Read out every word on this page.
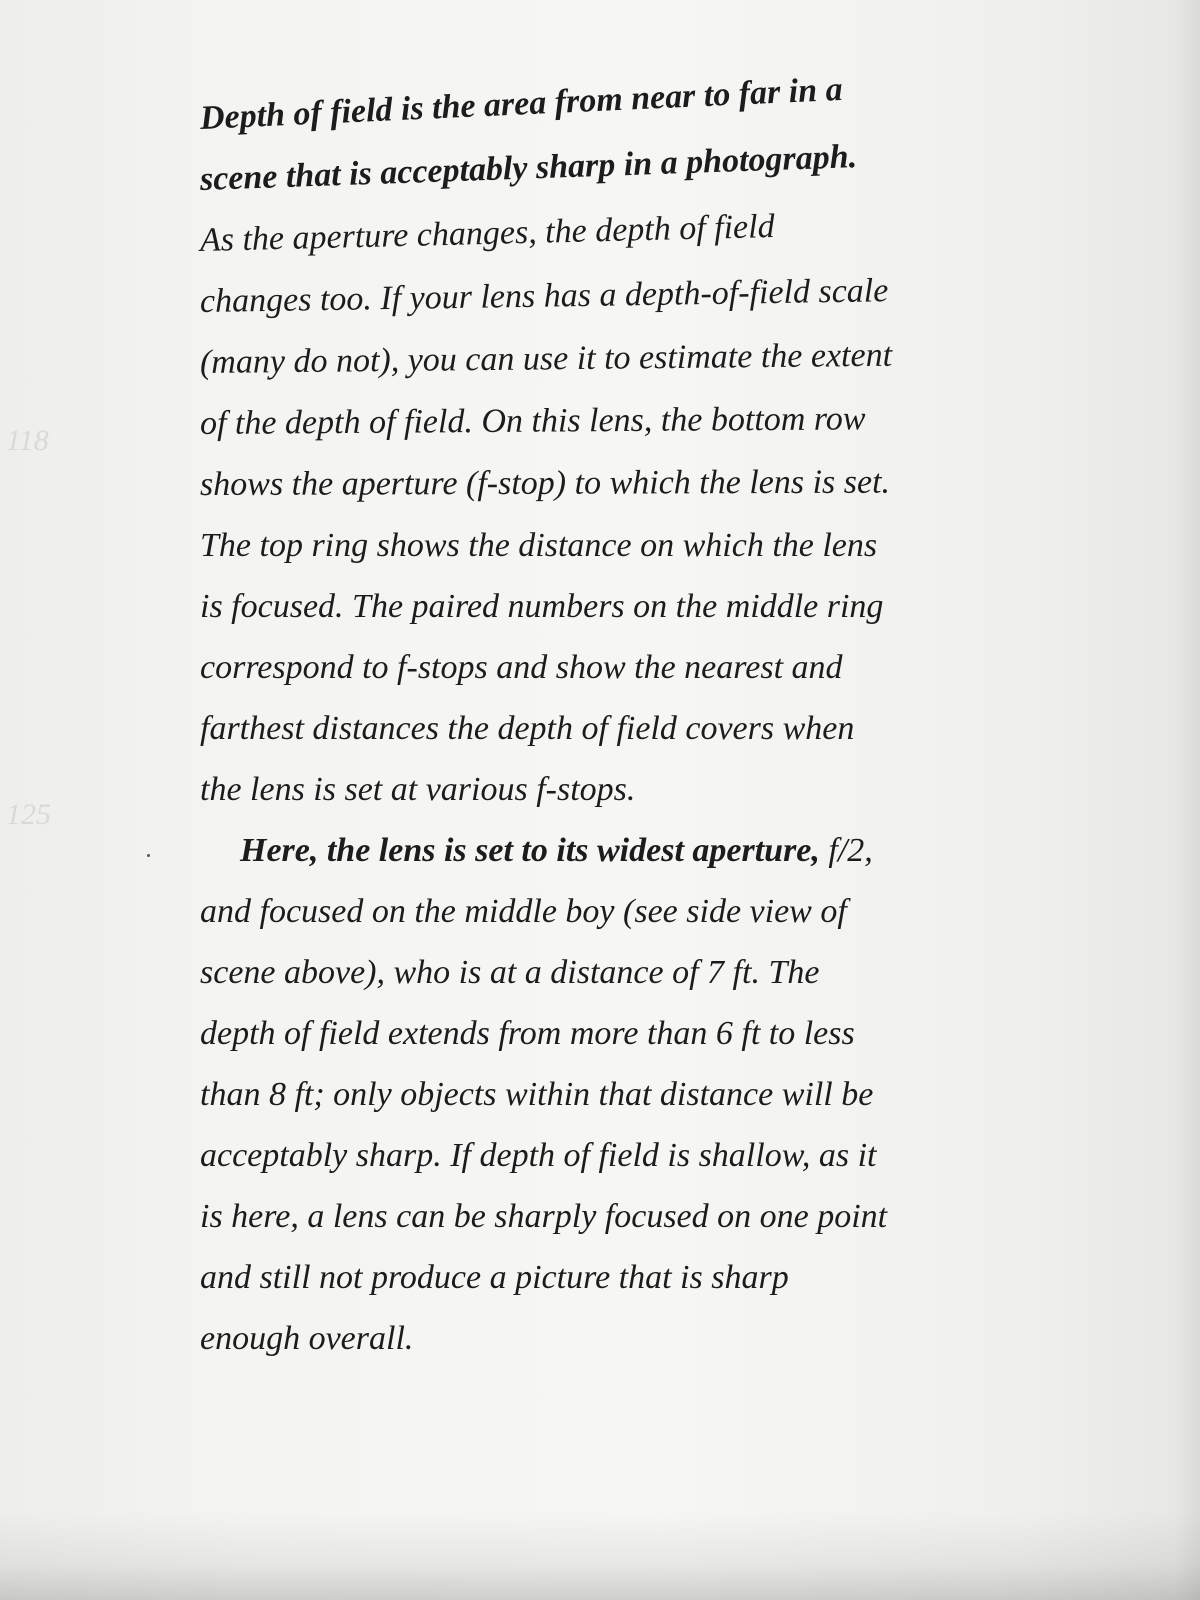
118
125

Depth of field is the area from near to far in a
scene that is acceptably sharp in a photograph.
As the aperture changes, the depth of field
changes too. If your lens has a depth-of-field scale
(many do not), you can use it to estimate the extent
of the depth of field. On this lens, the bottom row
shows the aperture (f-stop) to which the lens is set.
The top ring shows the distance on which the lens
is focused. The paired numbers on the middle ring
correspond to f-stops and show the nearest and
farthest distances the depth of field covers when
the lens is set at various f-stops.

Here, the lens is set to its widest aperture, f/2,
and focused on the middle boy (see side view of
scene above), who is at a distance of 7 ft. The
depth of field extends from more than 6 ft to less
than 8 ft; only objects within that distance will be
acceptably sharp. If depth of field is shallow, as it
is here, a lens can be sharply focused on one point
and still not produce a picture that is sharp
enough overall.
